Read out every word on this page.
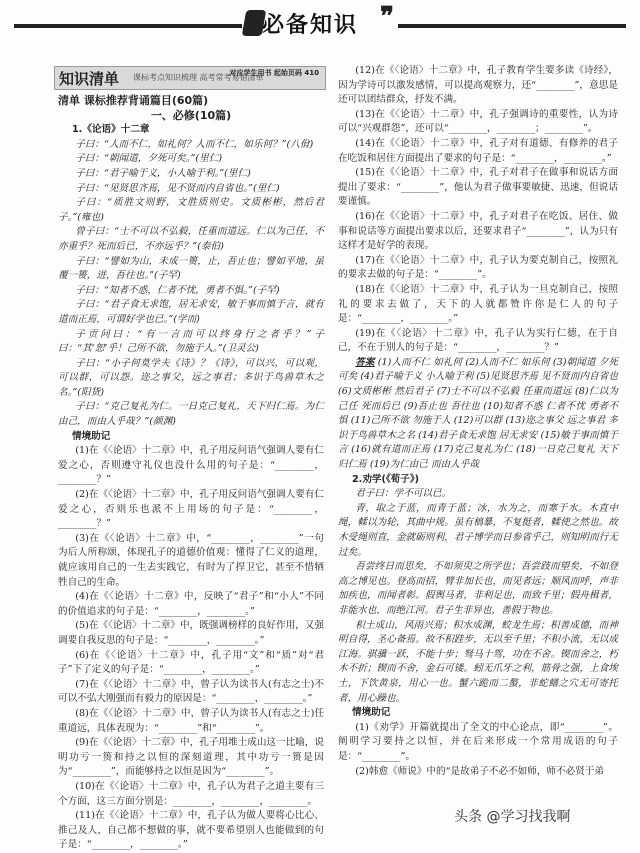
必备知识 ❞
知识清单 课标考点知识梳理 高考常考易错清单
对应学生用书 起始页码 410

清单 课标推荐背诵篇目(60篇)

一、必修(10篇)

1.《论语》十二章

子曰：“人而不仁，如礼何？人而不仁，如乐何？”(八佾)

子曰：“朝闻道，夕死可矣。”(里仁)

子曰：“君子喻于义，小人喻于利。”(里仁)

子曰：“见贤思齐焉，见不贤而内自省也。”(里仁)

子曰：“质胜文则野，文胜质则史。文质彬彬，然后君子。”(雍也)

曾子曰：“士不可以不弘毅，任重而道远。仁以为己任，不亦重乎？死而后已，不亦远乎？”(泰伯)

子曰：“譬如为山，未成一篑，止，吾止也；譬如平地，虽覆一篑，进，吾往也。”(子罕)

子曰：“知者不惑，仁者不忧，勇者不惧。”(子罕)

子曰：“君子食无求饱，居无求安，敏于事而慎于言，就有道而正焉，可谓好学也已。”(学而)

子贡问曰：“有一言而可以终身行之者乎？”子曰：“其‘恕’乎！己所不欲，勿施于人。”(卫灵公)

子曰：“小子何莫学夫《诗》？《诗》，可以兴，可以观，可以群，可以怨。迩之事父，远之事君；多识于鸟兽草木之名。”(阳货)

子曰：“克己复礼为仁。一日克己复礼，天下归仁焉。为仁由己，而由人乎哉？”(颜渊)

情境助记

(1)在《〈论语〉十二章》中，孔子用反问语气强调人要有仁爱之心，否则遵守礼仪也没什么用的句子是：“________，________？”

(2)在《〈论语〉十二章》中，孔子用反问语气强调人要有仁爱之心，否则乐也派不上用场的句子是：“________，________？”

(3)在《〈论语〉十二章》中，“________，________”一句为后人所称颂，体现孔子的道德价值观：懂得了仁义的道理，就应该用自己的一生去实践它，有时为了捍卫它，甚至不惜牺牲自己的生命。

(4)在《〈论语〉十二章》中，反映了“君子”和“小人”不同的价值追求的句子是：“________，________。”

(5)在《〈论语〉十二章》中，既强调榜样的良好作用，又强调要自我反思的句子是：“________，________。”

(6)在《〈论语〉十二章》中，孔子用“文”和“质”对“君子”下了定义的句子是：“________，________。”

(7)在《〈论语〉十二章》中，曾子认为读书人(有志之士)不可以不弘大刚强而有毅力的原因是：“________，________。”

(8)在《〈论语〉十二章》中，曾子认为读书人(有志之士)任重道远，具体表现为：“________”和“________”。

(9)在《〈论语〉十二章》中，孔子用堆土成山这一比喻，说明功亏一篑和持之以恒的深刻道理，其中功亏一篑是因为“________”，而能够持之以恒是因为“________”。

(10)在《〈论语〉十二章》中，孔子认为君子之道主要有三个方面，这三方面分别是：________，________，________。

(11)在《〈论语〉十二章》中，孔子认为做人要将心比心、推己及人，自己都不想做的事，就不要希望别人也能做到的句子是：“________，________。”

(12)在《〈论语〉十二章》中，孔子教育学生要多读《诗经》，因为学诗可以激发感情，可以提高观察力，还“________”，意思是还可以团结群众，抒发不满。

(13)在《〈论语〉十二章》中，孔子强调诗的重要性，认为诗可以“兴观群怨”，还可以“________，________；________”。

(14)在《〈论语〉十二章》中，孔子对有道德、有修养的君子在吃饭和居住方面提出了要求的句子是：“________，________。”

(15)在《〈论语〉十二章》中，孔子对君子在做事和说话方面提出了要求：“________”，他认为君子做事要敏捷、迅速，但说话要谨慎。

(16)在《〈论语〉十二章》中，孔子对君子在吃饭、居住、做事和说话等方面提出要求以后，还要求君子“________”，认为只有这样才是好学的表现。

(17)在《〈论语〉十二章》中，孔子认为要克制自己，按照礼的要求去做的句子是：“________”。

(18)在《〈论语〉十二章》中，孔子认为一旦克制自己，按照礼的要求去做了，天下的人就都赞许你是仁人的句子是：“________，________。”

(19)在《〈论语〉十二章》中，孔子认为实行仁德，在于自己，不在于别人的句子是：“________，________？”

答案 (1)人而不仁 如礼何 (2)人而不仁 如乐何 (3)朝闻道 夕死可矣 (4)君子喻于义 小人喻于利 (5)见贤思齐焉 见不贤而内自省也 (6)文质彬彬 然后君子 (7)士不可以不弘毅 任重而道远 (8)仁以为己任 死而后已 (9)吾止也 吾往也 (10)知者不惑 仁者不忧 勇者不惧 (11)己所不欲 勿施于人 (12)可以群 (13)迩之事父 远之事君 多识于鸟兽草木之名 (14)君子食无求饱 居无求安 (15)敏于事而慎于言 (16)就有道而正焉 (17)克己复礼为仁 (18)一日克己复礼 天下归仁焉 (19)为仁由己 而由人乎哉

2.劝学(《荀子》)

君子曰：学不可以已。

青，取之于蓝，而青于蓝；冰，水为之，而寒于水。木直中绳，輮以为轮，其曲中规。虽有槁暴，不复挺者，輮使之然也。故木受绳则直，金就砺则利，君子博学而日参省乎己，则知明而行无过矣。

吾尝终日而思矣，不如须臾之所学也；吾尝跂而望矣，不如登高之博见也。登高而招，臂非加长也，而见者远；顺风而呼，声非加疾也，而闻者彰。假舆马者，非利足也，而致千里；假舟楫者，非能水也，而绝江河。君子生非异也，善假于物也。

积土成山，风雨兴焉；积水成渊，蛟龙生焉；积善成德，而神明自得，圣心备焉。故不积跬步，无以至千里；不积小流，无以成江海。骐骥一跃，不能十步；驽马十驾，功在不舍。锲而舍之，朽木不折；锲而不舍，金石可镂。蚓无爪牙之利，筋骨之强，上食埃土，下饮黄泉，用心一也。蟹六跪而二螯，非蛇鳝之穴无可寄托者，用心躁也。

情境助记

(1)《劝学》开篇就提出了全文的中心论点，即“________”。阐明学习要持之以恒，并在后来形成一个常用成语的句子是：“________”。

(2)韩愈《师说》中的“是故弟子不必不如师，师不必贤于弟

头条 @学习找我啊
